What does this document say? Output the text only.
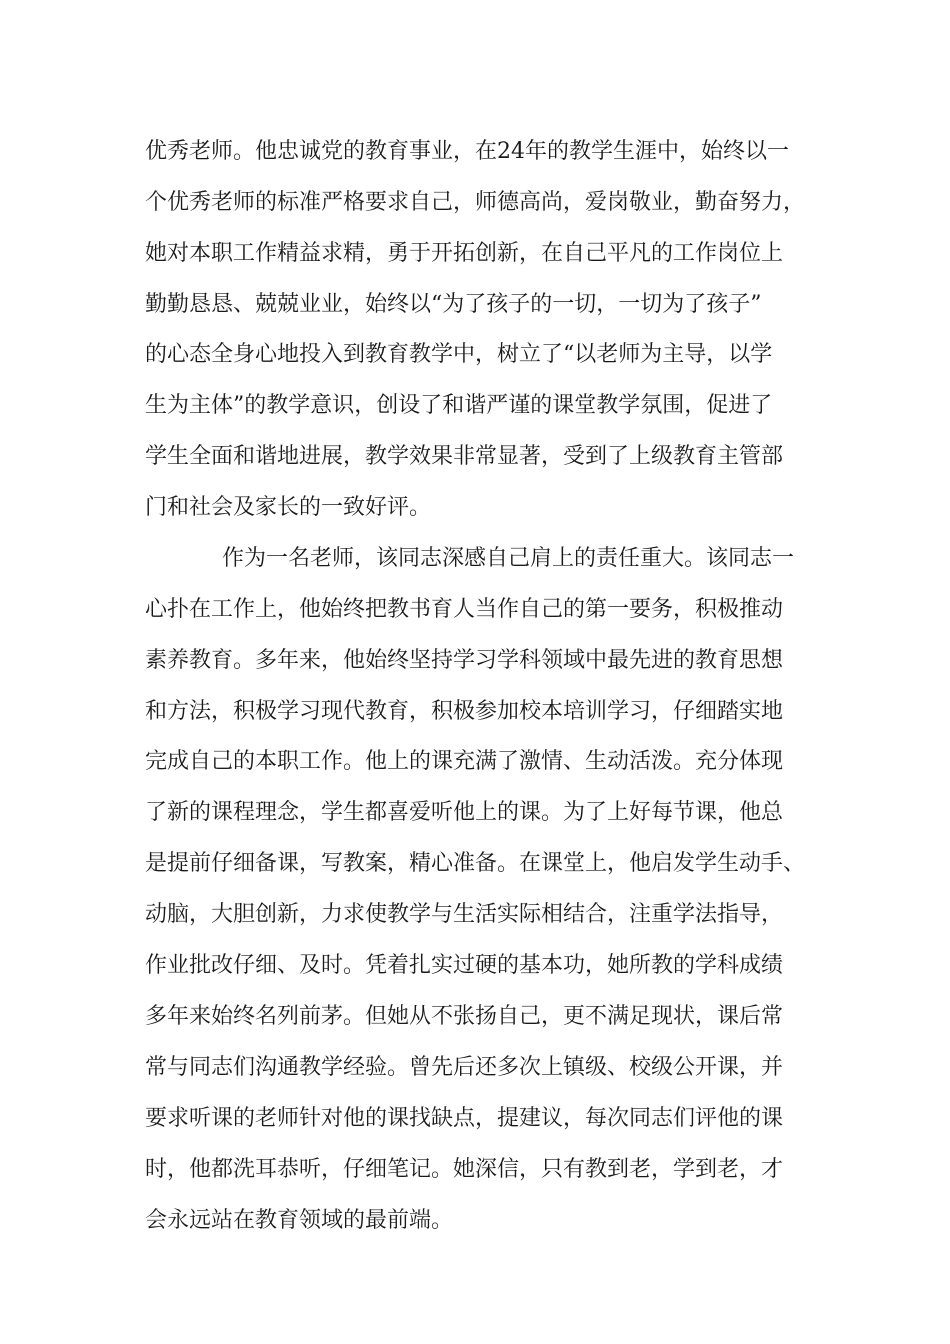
优秀老师。他忠诚党的教育事业，在24年的教学生涯中，始终以一
个优秀老师的标准严格要求自己，师德高尚，爱岗敬业，勤奋努力，
她对本职工作精益求精，勇于开拓创新，在自己平凡的工作岗位上
勤勤恳恳、兢兢业业，始终以“为了孩子的一切，一切为了孩子”
的心态全身心地投入到教育教学中，树立了“以老师为主导，以学
生为主体”的教学意识，创设了和谐严谨的课堂教学氛围，促进了
学生全面和谐地进展，教学效果非常显著，受到了上级教育主管部
门和社会及家长的一致好评。
作为一名老师，该同志深感自己肩上的责任重大。该同志一
心扑在工作上，他始终把教书育人当作自己的第一要务，积极推动
素养教育。多年来，他始终坚持学习学科领域中最先进的教育思想
和方法，积极学习现代教育，积极参加校本培训学习，仔细踏实地
完成自己的本职工作。他上的课充满了激情、生动活泼。充分体现
了新的课程理念，学生都喜爱听他上的课。为了上好每节课，他总
是提前仔细备课，写教案，精心准备。在课堂上，他启发学生动手、
动脑，大胆创新，力求使教学与生活实际相结合，注重学法指导，
作业批改仔细、及时。凭着扎实过硬的基本功，她所教的学科成绩
多年来始终名列前茅。但她从不张扬自己，更不满足现状，课后常
常与同志们沟通教学经验。曾先后还多次上镇级、校级公开课，并
要求听课的老师针对他的课找缺点，提建议，每次同志们评他的课
时，他都洗耳恭听，仔细笔记。她深信，只有教到老，学到老，才
会永远站在教育领域的最前端。
